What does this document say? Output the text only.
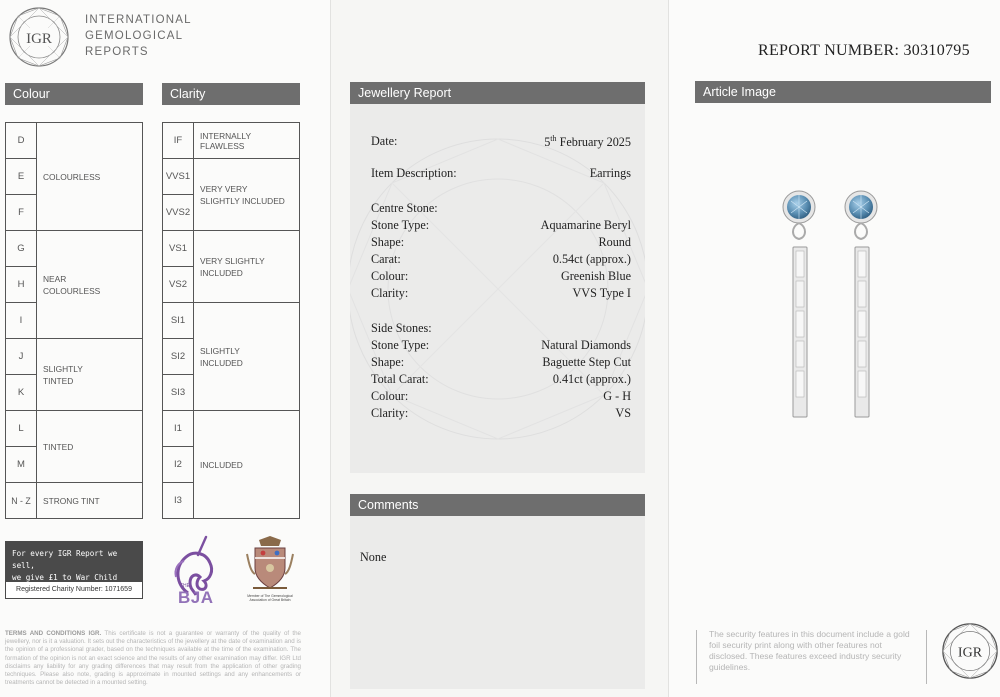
IGR
INTERNATIONAL
GEMOLOGICAL
REPORTS
Colour	Clarity
D	COLOURLESS
E	
F	
G	NEAR COLOURLESS

H	
I	
J	SLIGHTLY TINTED

K	
L	TINTED
M	
N - Z	STRONG TINT
IF	INTERNALLY FLAWLESS
VVS1	VERY VERY SLIGHTLY INCLUDED

VVS2	
VS1	VERY SLIGHTLY INCLUDED

VS2	
SI1	SLIGHTLY INCLUDED

SI2	
SI3	
I1	INCLUDED
I2	
I3	
For every IGR Report we sell,
we give £1 to War Child
Registered Charity Number: 1071659	THE
BJA	Member of The Gemmological Association of Great Britain
TERMS AND CONDITIONS IGR. This certificate is not a guarantee or warranty of the quality of the jewellery, nor is it a valuation. It sets out the characteristics of the jewellery at the date of examination and is the opinion of a professional grader, based on the techniques available at the time of the examination. The formation of the opinion is not an exact science and the results of any other examination may differ. IGR Ltd disclaims any liability for any grading differences that may result from the application of other grading techniques. Please also note, grading is approximate in mounted settings and any enhancements or treatments cannot be detected in a mounted setting.
Jewellery Report
Date:	5th February 2025
Item Description:	Earrings
Centre Stone:
Stone Type:	Aquamarine Beryl
Shape:	Round
Carat:	0.54ct (approx.)
Colour:	Greenish Blue
Clarity:	VVS Type I
Side Stones:
Stone Type:	Natural Diamonds
Shape:	Baguette Step Cut
Total Carat:	0.41ct (approx.)
Colour:	G - H
Clarity:	VS
Comments
None
Article Image
The security features in this document include a gold foil security print along with other features not disclosed. These features exceed industry security guidelines.
IGR
REPORT NUMBER: 30310795
